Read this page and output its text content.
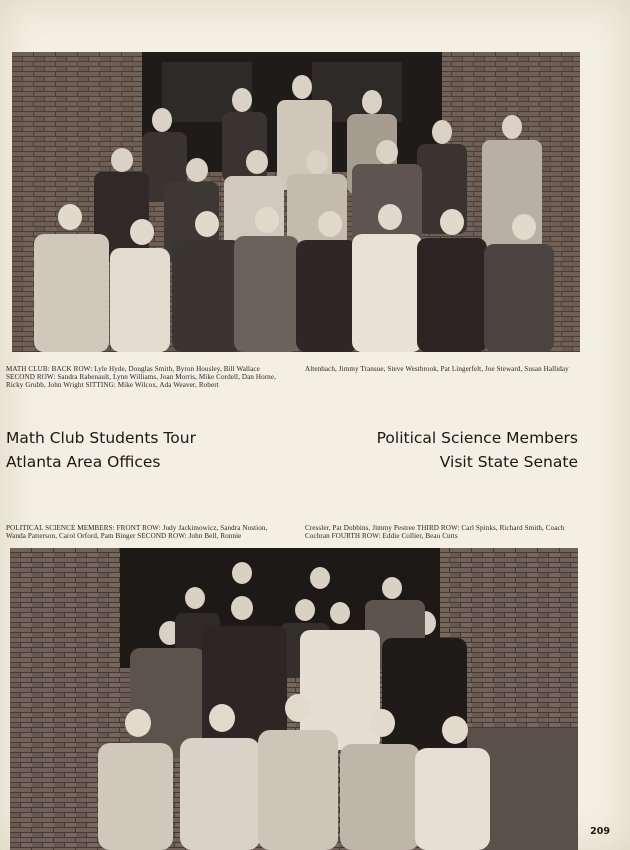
MATH CLUB: BACK ROW: Lyle Hyde, Douglas Smith, Byron Housley, Bill Wallace SECOND ROW: Sandra Rabenault, Lynn Williams, Joan Morris, Mike Cordell, Dan Horne, Ricky Grubb, John Wright SITTING: Mike Wilcox, Ada Weaver, Robert
Altenbach, Jimmy Transue, Steve Westbrook, Pat Lingerfelt, Joe Steward, Susan Halliday
Math Club Students Tour
Atlanta Area Offices
Political Science Members
Visit State Senate
POLITICAL SCIENCE MEMBERS: FRONT ROW: Judy Jackimowicz, Sandra Nostion, Wanda Patterson, Carol Orford, Pam Binger SECOND ROW: John Bell, Ronnie
Cressler, Pat Dobbins, Jimmy Pestree THIRD ROW: Carl Spinks, Richard Smith, Coach Cochran FOURTH ROW: Eddie Collier, Beau Cutts
209
